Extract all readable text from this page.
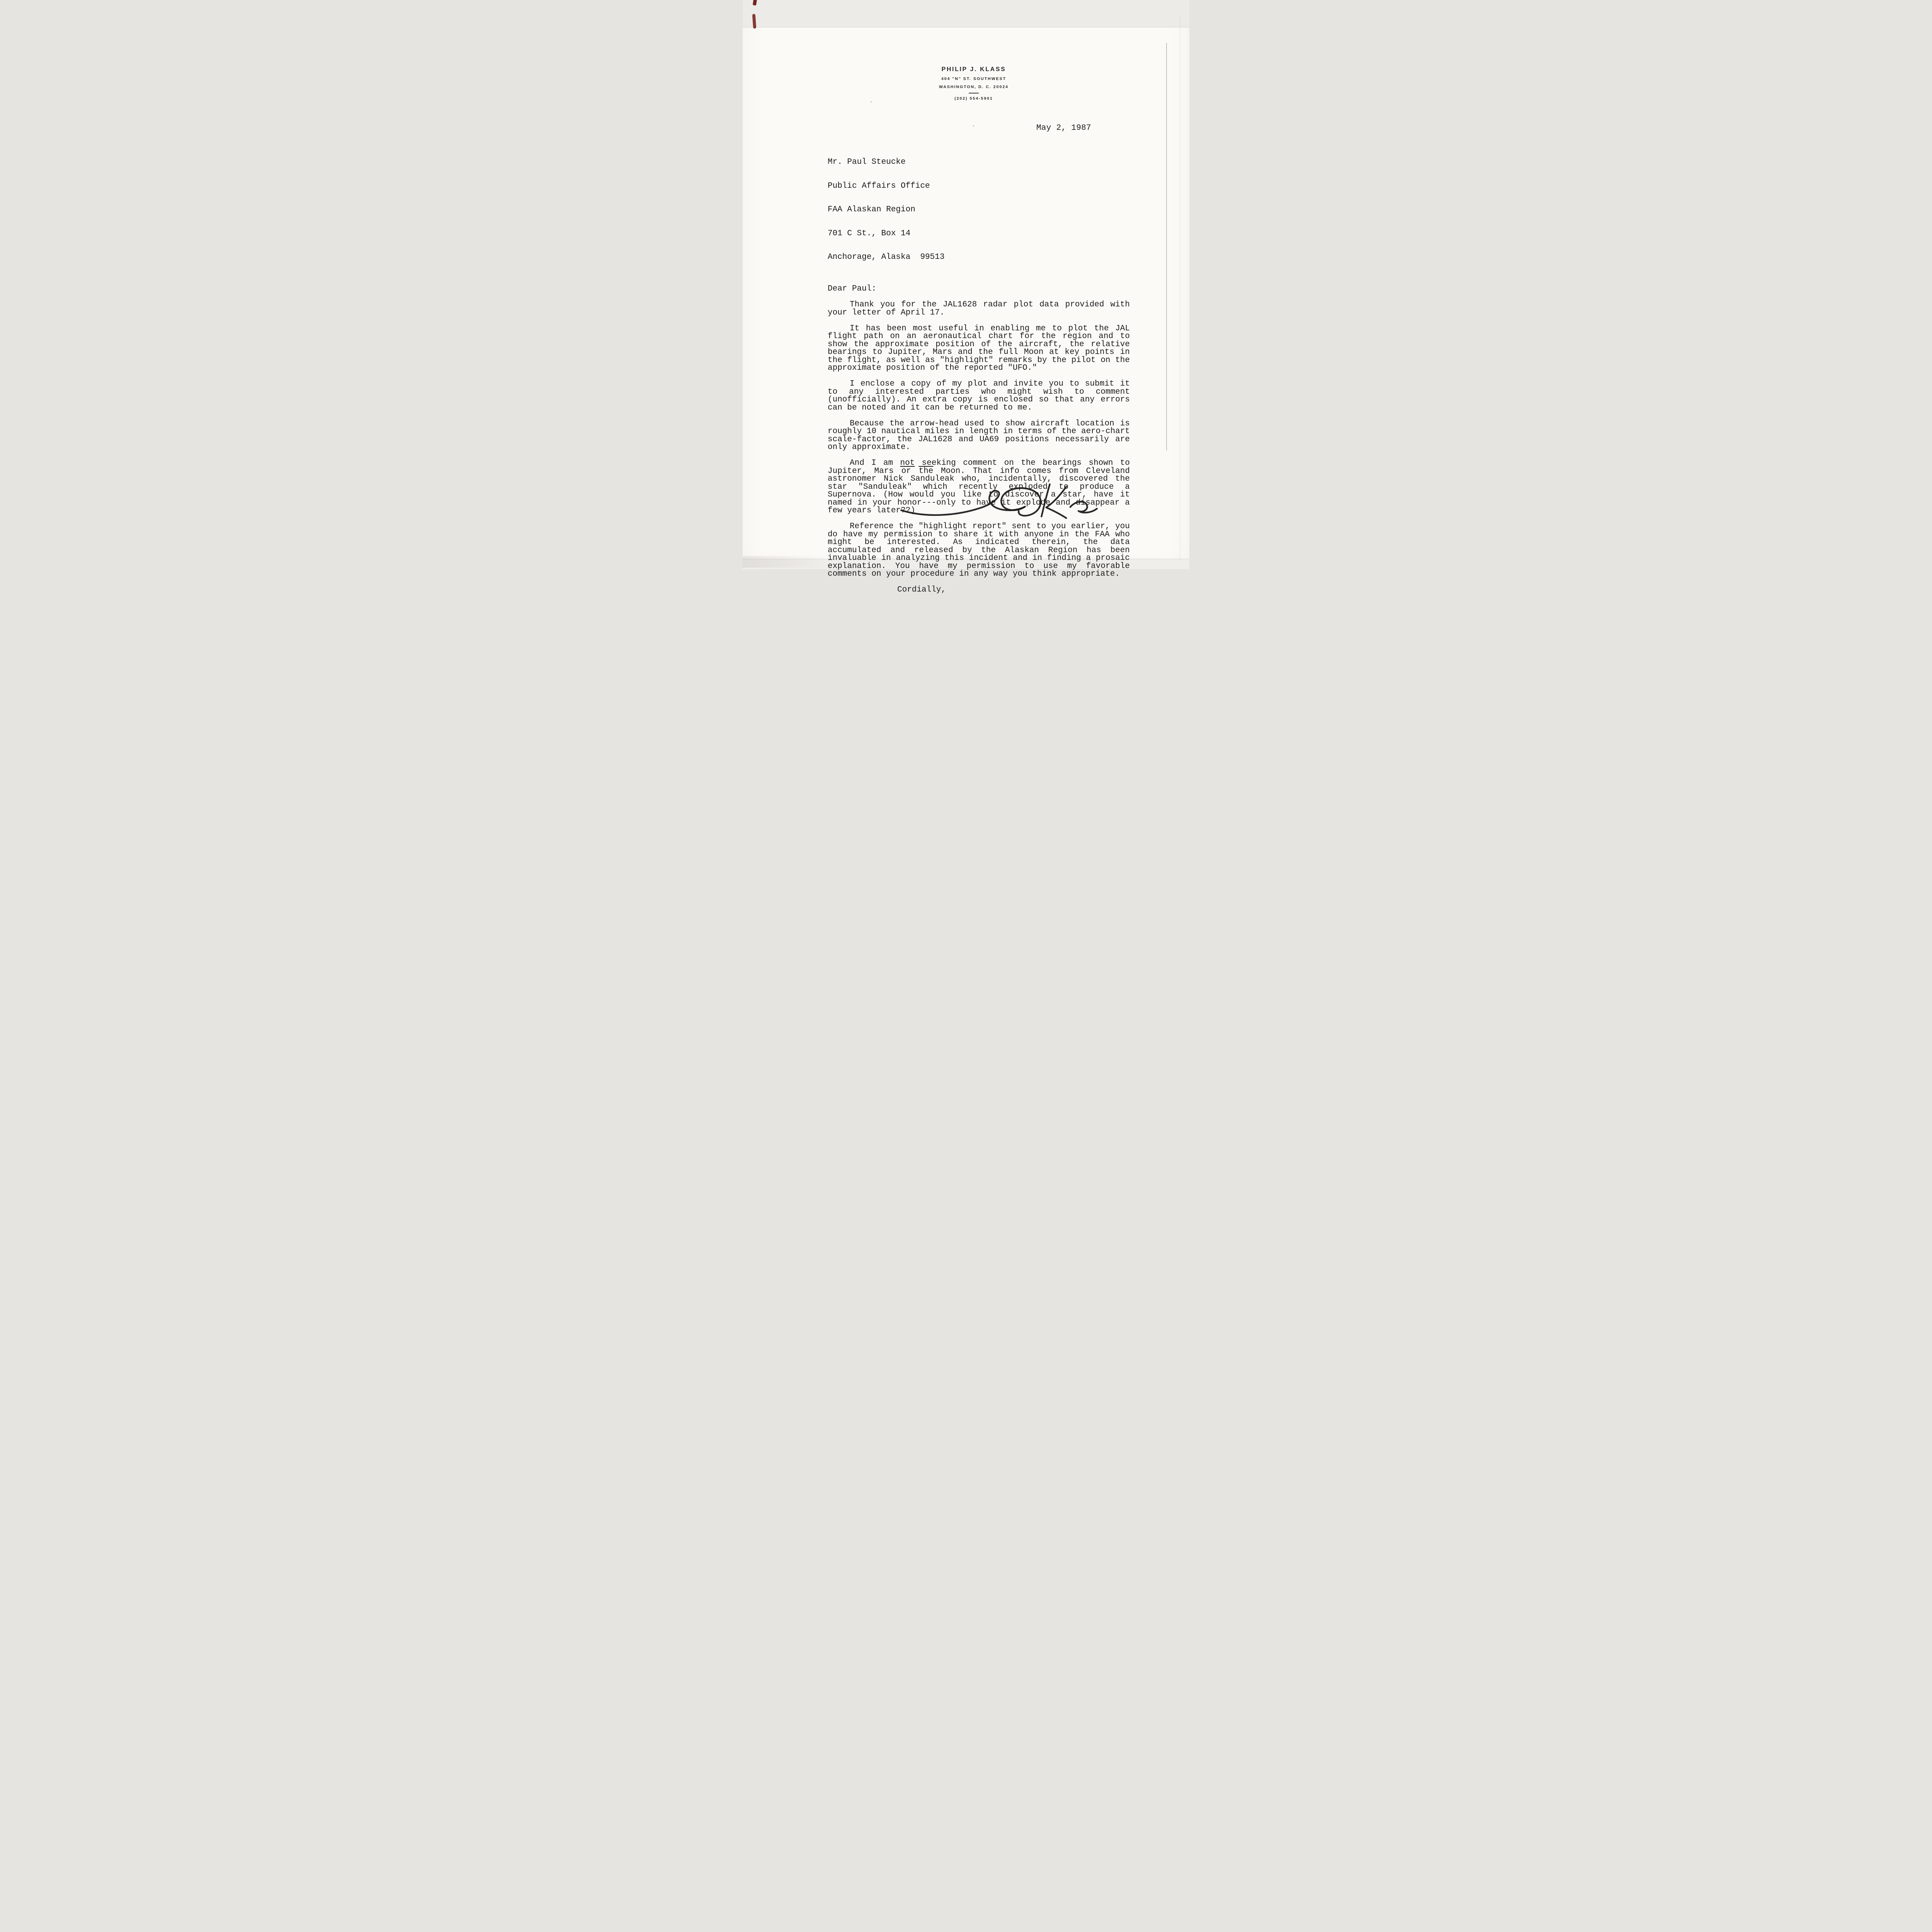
PHILIP J. KLASS
404 "N" ST. SOUTHWEST
WASHINGTON, D. C. 20024
(202) 554-5901
May 2, 1987

Mr. Paul Steucke

Public Affairs Office

FAA Alaskan Region

701 C St., Box 14

Anchorage, Alaska  99513

Dear Paul:

Thank you for the JAL1628 radar plot data provided with your letter of April 17.

It has been most useful in enabling me to plot the JAL flight path on an aeronautical chart for the region and to show the approximate position of the aircraft, the relative bearings to Jupiter, Mars and the full Moon at key points in the flight, as well as "highlight" remarks by the pilot on the approximate position of the reported "UFO."

I enclose a copy of my plot and invite you to submit it to any interested parties who might wish to comment (unofficially). An extra copy is enclosed so that any errors can be noted and it can be returned to me.

Because the arrow-head used to show aircraft location is roughly 10 nautical miles in length in terms of the aero-chart scale-factor, the JAL1628 and UA69 positions necessarily are only approximate.

And I am not seeking comment on the bearings shown to Jupiter, Mars or $\overline{the}$ Moon. That info comes from Cleveland astronomer Nick Sanduleak who, incidentally, discovered the star "Sanduleak" which recently exploded to produce a Supernova. (How would you like to discover a star, have it named in your honor---only to have it explode and disappear a few years later??)

Reference the "highlight report" sent to you earlier, you do have my permission to share it with anyone in the FAA who might be interested. As indicated therein, the data accumulated and released by the Alaskan Region has been invaluable in analyzing this incident and in finding a prosaic explanation. You have my permission to use my favorable comments on your procedure in any way you think appropriate.

Cordially,
